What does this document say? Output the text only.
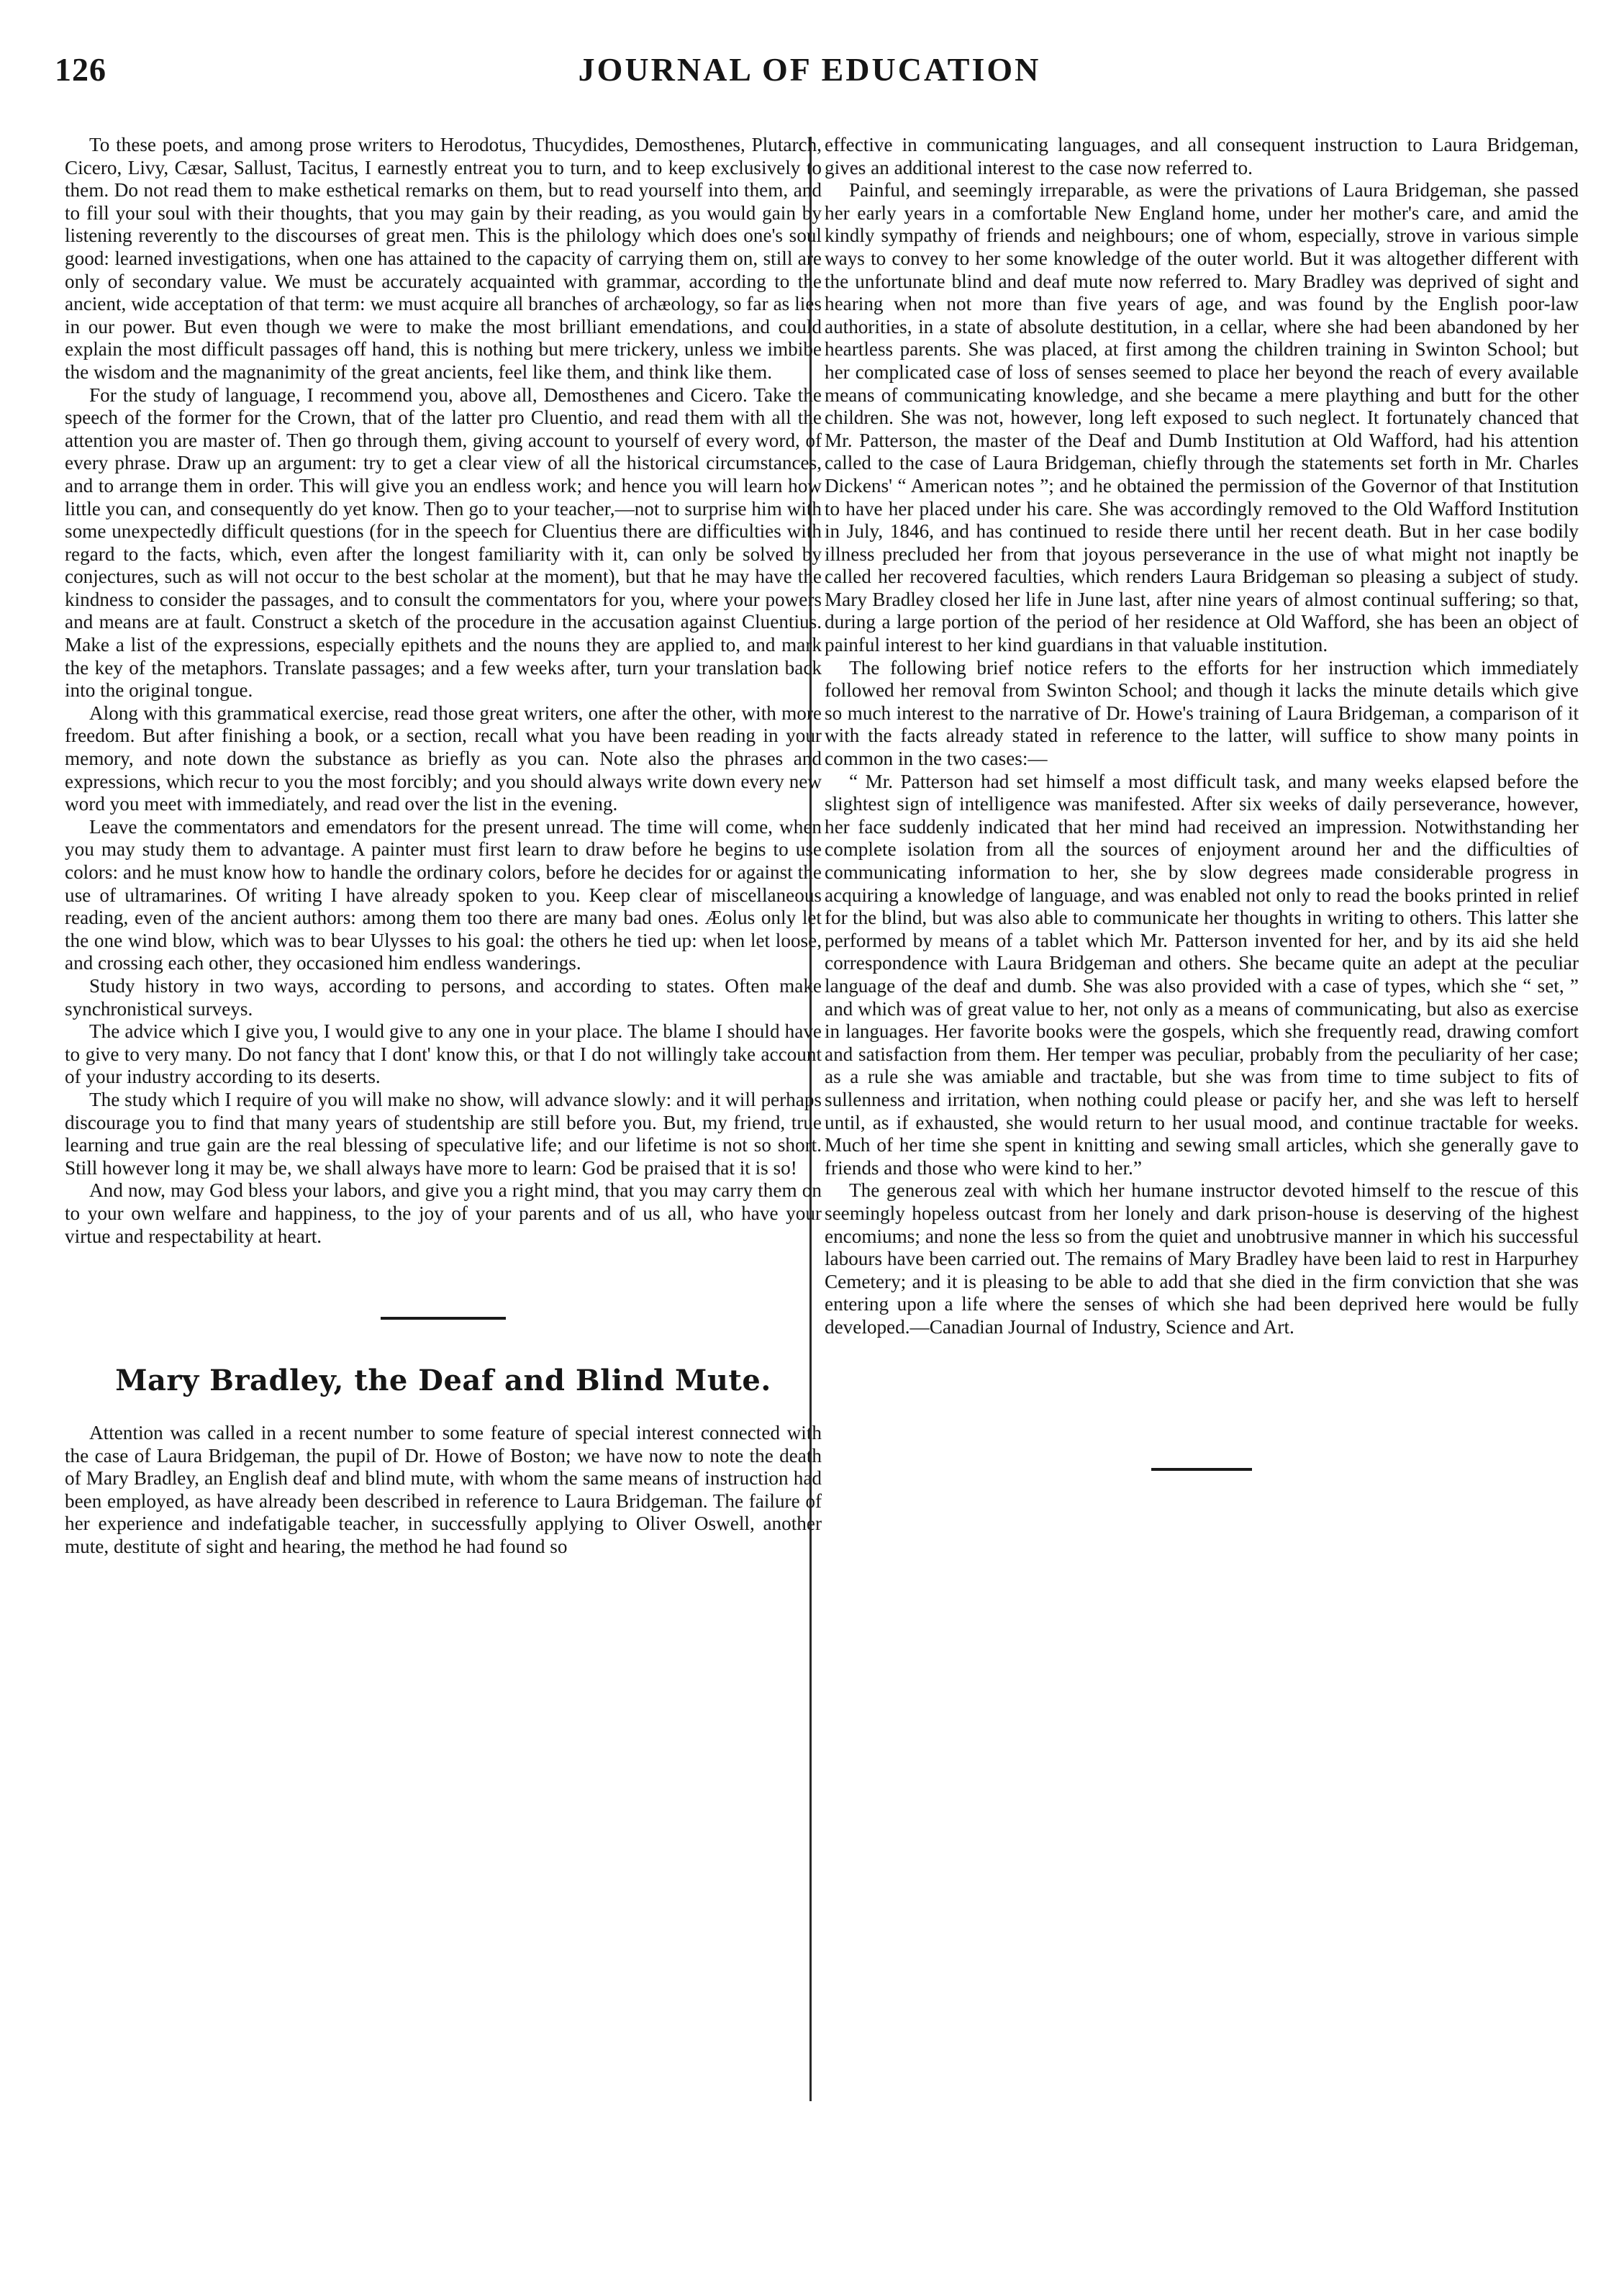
126	JOURNAL OF EDUCATION

To these poets, and among prose writers to Herodotus, Thucydides, Demosthenes, Plutarch, Cicero, Livy, Cæsar, Sallust, Tacitus, I earnestly entreat you to turn, and to keep exclusively to them. Do not read them to make esthetical remarks on them, but to read yourself into them, and to fill your soul with their thoughts, that you may gain by their reading, as you would gain by listening reverently to the discourses of great men. This is the philology which does one's soul good: learned investigations, when one has attained to the capacity of carrying them on, still are only of secondary value. We must be accurately acquainted with grammar, according to the ancient, wide acceptation of that term: we must acquire all branches of archæology, so far as lies in our power. But even though we were to make the most brilliant emendations, and could explain the most difficult passages off hand, this is nothing but mere trickery, unless we imbibe the wisdom and the magnanimity of the great ancients, feel like them, and think like them.

For the study of language, I recommend you, above all, Demosthenes and Cicero. Take the speech of the former for the Crown, that of the latter pro Cluentio, and read them with all the attention you are master of. Then go through them, giving account to yourself of every word, of every phrase. Draw up an argument: try to get a clear view of all the historical circumstances, and to arrange them in order. This will give you an endless work; and hence you will learn how little you can, and consequently do yet know. Then go to your teacher,—not to surprise him with some unexpectedly difficult questions (for in the speech for Cluentius there are difficulties with regard to the facts, which, even after the longest familiarity with it, can only be solved by conjectures, such as will not occur to the best scholar at the moment), but that he may have the kindness to consider the passages, and to consult the commentators for you, where your powers and means are at fault. Construct a sketch of the procedure in the accusation against Cluentius. Make a list of the expressions, especially epithets and the nouns they are applied to, and mark the key of the metaphors. Translate passages; and a few weeks after, turn your translation back into the original tongue.

Along with this grammatical exercise, read those great writers, one after the other, with more freedom. But after finishing a book, or a section, recall what you have been reading in your memory, and note down the substance as briefly as you can. Note also the phrases and expressions, which recur to you the most forcibly; and you should always write down every new word you meet with immediately, and read over the list in the evening.

Leave the commentators and emendators for the present unread. The time will come, when you may study them to advantage. A painter must first learn to draw before he begins to use colors: and he must know how to handle the ordinary colors, before he decides for or against the use of ultramarines. Of writing I have already spoken to you. Keep clear of miscellaneous reading, even of the ancient authors: among them too there are many bad ones. Æolus only let the one wind blow, which was to bear Ulysses to his goal: the others he tied up: when let loose, and crossing each other, they occasioned him endless wanderings.

Study history in two ways, according to persons, and according to states. Often make synchronistical surveys.

The advice which I give you, I would give to any one in your place. The blame I should have to give to very many. Do not fancy that I dont' know this, or that I do not willingly take account of your industry according to its deserts.

The study which I require of you will make no show, will advance slowly: and it will perhaps discourage you to find that many years of studentship are still before you. But, my friend, true learning and true gain are the real blessing of speculative life; and our lifetime is not so short. Still however long it may be, we shall always have more to learn: God be praised that it is so!

And now, may God bless your labors, and give you a right mind, that you may carry them on to your own welfare and happiness, to the joy of your parents and of us all, who have your virtue and respectability at heart.

Mary Bradley, the Deaf and Blind Mute.

Attention was called in a recent number to some feature of special interest connected with the case of Laura Bridgeman, the pupil of Dr. Howe of Boston; we have now to note the death of Mary Bradley, an English deaf and blind mute, with whom the same means of instruction had been employed, as have already been described in reference to Laura Bridgeman. The failure of her experience and indefatigable teacher, in successfully applying to Oliver Oswell, another mute, destitute of sight and hearing, the method he had found so

effective in communicating languages, and all consequent instruction to Laura Bridgeman, gives an additional interest to the case now referred to.

Painful, and seemingly irreparable, as were the privations of Laura Bridgeman, she passed her early years in a comfortable New England home, under her mother's care, and amid the kindly sympathy of friends and neighbours; one of whom, especially, strove in various simple ways to convey to her some knowledge of the outer world. But it was altogether different with the unfortunate blind and deaf mute now referred to. Mary Bradley was deprived of sight and hearing when not more than five years of age, and was found by the English poor-law authorities, in a state of absolute destitution, in a cellar, where she had been abandoned by her heartless parents. She was placed, at first among the children training in Swinton School; but her complicated case of loss of senses seemed to place her beyond the reach of every available means of communicating knowledge, and she became a mere plaything and butt for the other children. She was not, however, long left exposed to such neglect. It fortunately chanced that Mr. Patterson, the master of the Deaf and Dumb Institution at Old Wafford, had his attention called to the case of Laura Bridgeman, chiefly through the statements set forth in Mr. Charles Dickens' “ American notes ”; and he obtained the permission of the Governor of that Institution to have her placed under his care. She was accordingly removed to the Old Wafford Institution in July, 1846, and has continued to reside there until her recent death. But in her case bodily illness precluded her from that joyous perseverance in the use of what might not inaptly be called her recovered faculties, which renders Laura Bridgeman so pleasing a subject of study. Mary Bradley closed her life in June last, after nine years of almost continual suffering; so that, during a large portion of the period of her residence at Old Wafford, she has been an object of painful interest to her kind guardians in that valuable institution.

The following brief notice refers to the efforts for her instruction which immediately followed her removal from Swinton School; and though it lacks the minute details which give so much interest to the narrative of Dr. Howe's training of Laura Bridgeman, a comparison of it with the facts already stated in reference to the latter, will suffice to show many points in common in the two cases:—

“ Mr. Patterson had set himself a most difficult task, and many weeks elapsed before the slightest sign of intelligence was manifested. After six weeks of daily perseverance, however, her face suddenly indicated that her mind had received an impression. Notwithstanding her complete isolation from all the sources of enjoyment around her and the difficulties of communicating information to her, she by slow degrees made considerable progress in acquiring a knowledge of language, and was enabled not only to read the books printed in relief for the blind, but was also able to communicate her thoughts in writing to others. This latter she performed by means of a tablet which Mr. Patterson invented for her, and by its aid she held correspondence with Laura Bridgeman and others. She became quite an adept at the peculiar language of the deaf and dumb. She was also provided with a case of types, which she “ set, ” and which was of great value to her, not only as a means of communicating, but also as exercise in languages. Her favorite books were the gospels, which she frequently read, drawing comfort and satisfaction from them. Her temper was peculiar, probably from the peculiarity of her case; as a rule she was amiable and tractable, but she was from time to time subject to fits of sullenness and irritation, when nothing could please or pacify her, and she was left to herself until, as if exhausted, she would return to her usual mood, and continue tractable for weeks. Much of her time she spent in knitting and sewing small articles, which she generally gave to friends and those who were kind to her.”

The generous zeal with which her humane instructor devoted himself to the rescue of this seemingly hopeless outcast from her lonely and dark prison-house is deserving of the highest encomiums; and none the less so from the quiet and unobtrusive manner in which his successful labours have been carried out. The remains of Mary Bradley have been laid to rest in Harpurhey Cemetery; and it is pleasing to be able to add that she died in the firm conviction that she was entering upon a life where the senses of which she had been deprived here would be fully developed.—Canadian Journal of Industry, Science and Art.
